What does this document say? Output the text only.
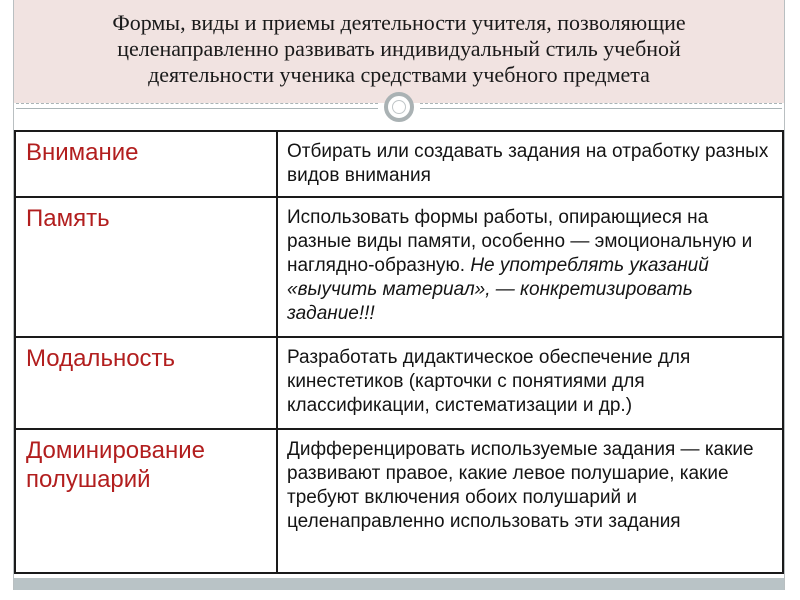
Формы, виды и приемы деятельности учителя, позволяющие
целенаправленно развивать индивидуальный стиль учебной
деятельности ученика средствами учебного предмета
Внимание	Отбирать или создавать задания на отработку разных видов внимания
Память	Использовать формы работы, опирающиеся на разные виды памяти, особенно — эмоциональную и наглядно-образную. Не употреблять указаний «выучить материал», — конкретизировать задание!!!
Модальность	Разработать дидактическое обеспечение для кинестетиков (карточки с понятиями для классификации, систематизации и др.)
Доминирование полушарий	Дифференцировать используемые задания — какие развивают правое, какие левое полушарие, какие требуют включения обоих полушарий и целенаправленно использовать эти задания
